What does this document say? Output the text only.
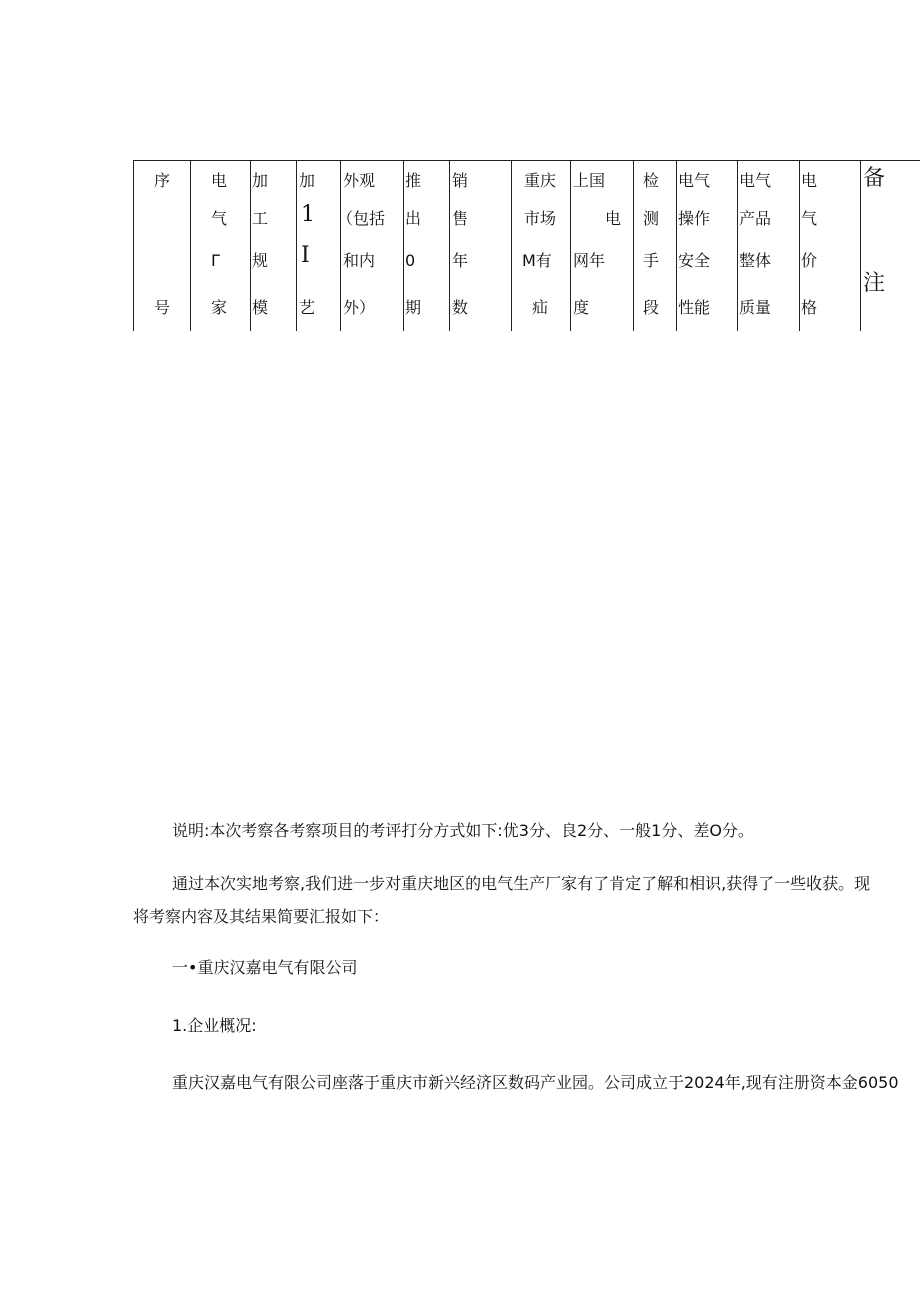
序
号
电
气
Γ
家
加
工
规
模
加
1
I
艺
外观
（包括
和内
外）
推
出
0
期
销
售
年
数
重庆
市场
M有
疝
上国
电
网年
度
检
测
手
段
电气
操作
安全
性能
电气
产品
整体
质量
电
气
价
格
备
注
说明:本次考察各考察项目的考评打分方式如下:优3分、良2分、一般1分、差O分。
通过本次实地考察,我们进一步对重庆地区的电气生产厂家有了肯定了解和相识,获得了一些收获。现
将考察内容及其结果简要汇报如下：
一•重庆汉嘉电气有限公司
1.企业概况:
重庆汉嘉电气有限公司座落于重庆市新兴经济区数码产业园。公司成立于2024年,现有注册资本金6050
